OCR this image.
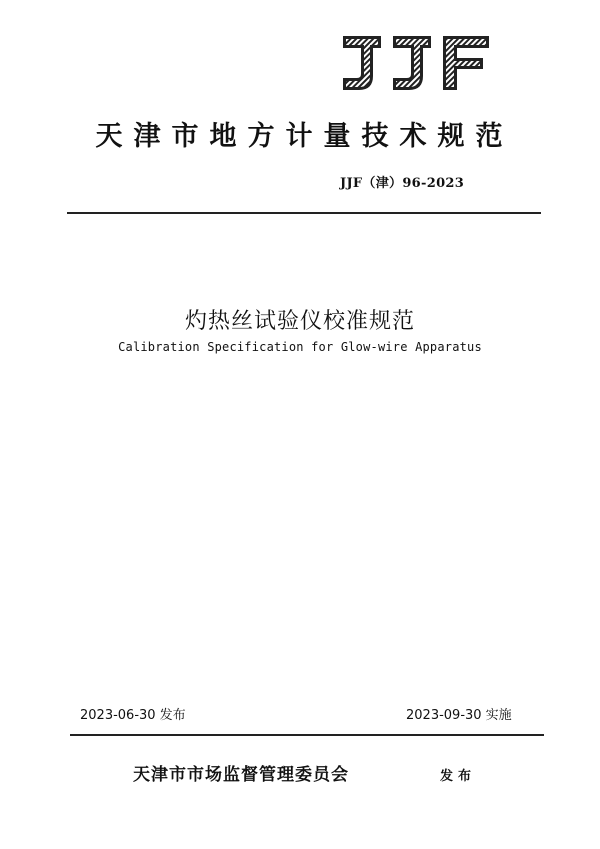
天津市地方计量技术规范
JJF（津）96-2023
灼热丝试验仪校准规范
Calibration Specification for Glow-wire Apparatus
2023-06-30 发布	2023-09-30 实施
天津市市场监督管理委员会	发布
